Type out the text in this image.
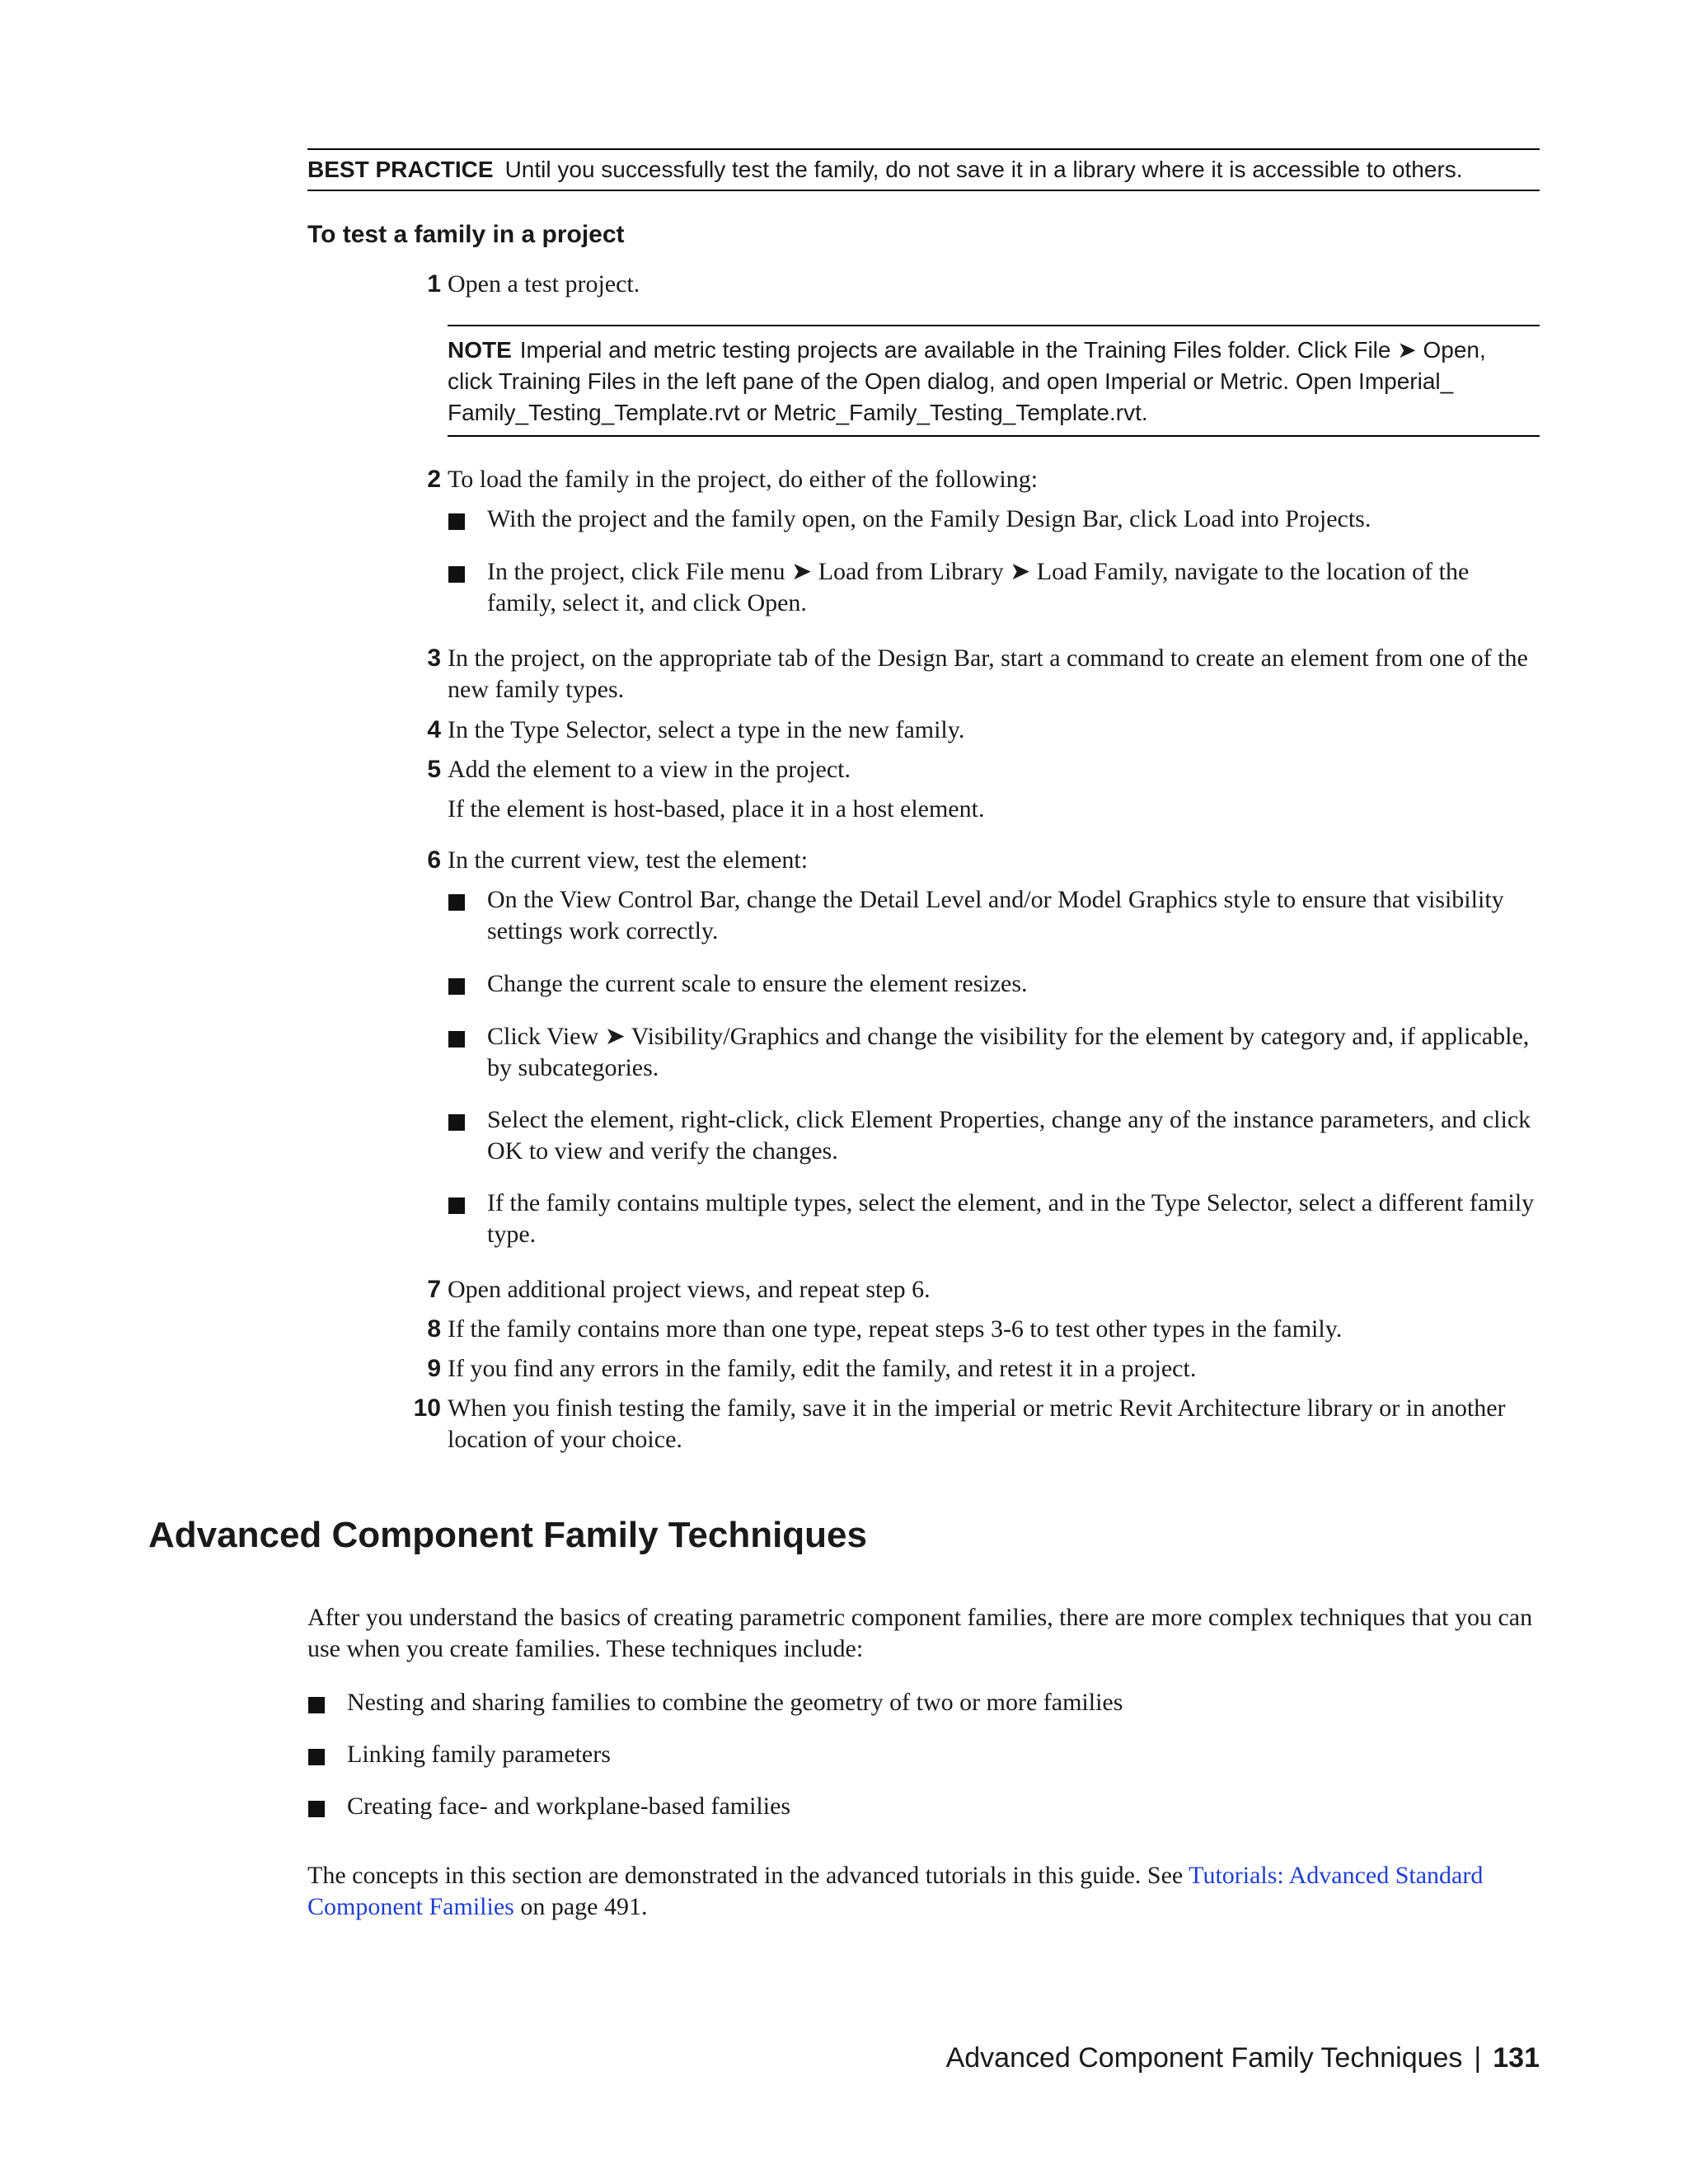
BEST PRACTICE Until you successfully test the family, do not save it in a library where it is accessible to others.
To test a family in a project
1 Open a test project.
NOTE Imperial and metric testing projects are available in the Training Files folder. Click File ➤ Open,
click Training Files in the left pane of the Open dialog, and open Imperial or Metric. Open Imperial_
Family_Testing_Template.rvt or Metric_Family_Testing_Template.rvt.
2 To load the family in the project, do either of the following:
With the project and the family open, on the Family Design Bar, click Load into Projects.
In the project, click File menu ➤ Load from Library ➤ Load Family, navigate to the location of the family, select it, and click Open.
3 In the project, on the appropriate tab of the Design Bar, start a command to create an element from one of the new family types.
4 In the Type Selector, select a type in the new family.
5 Add the element to a view in the project.
If the element is host-based, place it in a host element.
6 In the current view, test the element:
On the View Control Bar, change the Detail Level and/or Model Graphics style to ensure that visibility settings work correctly.
Change the current scale to ensure the element resizes.
Click View ➤ Visibility/Graphics and change the visibility for the element by category and, if applicable, by subcategories.
Select the element, right-click, click Element Properties, change any of the instance parameters, and click OK to view and verify the changes.
If the family contains multiple types, select the element, and in the Type Selector, select a different family type.
7 Open additional project views, and repeat step 6.
8 If the family contains more than one type, repeat steps 3-6 to test other types in the family.
9 If you find any errors in the family, edit the family, and retest it in a project.
10 When you finish testing the family, save it in the imperial or metric Revit Architecture library or in another location of your choice.
Advanced Component Family Techniques
After you understand the basics of creating parametric component families, there are more complex techniques that you can use when you create families. These techniques include:
Nesting and sharing families to combine the geometry of two or more families
Linking family parameters
Creating face- and workplane-based families
The concepts in this section are demonstrated in the advanced tutorials in this guide. See Tutorials: Advanced Standard Component Families on page 491.
Advanced Component Family Techniques | 131
